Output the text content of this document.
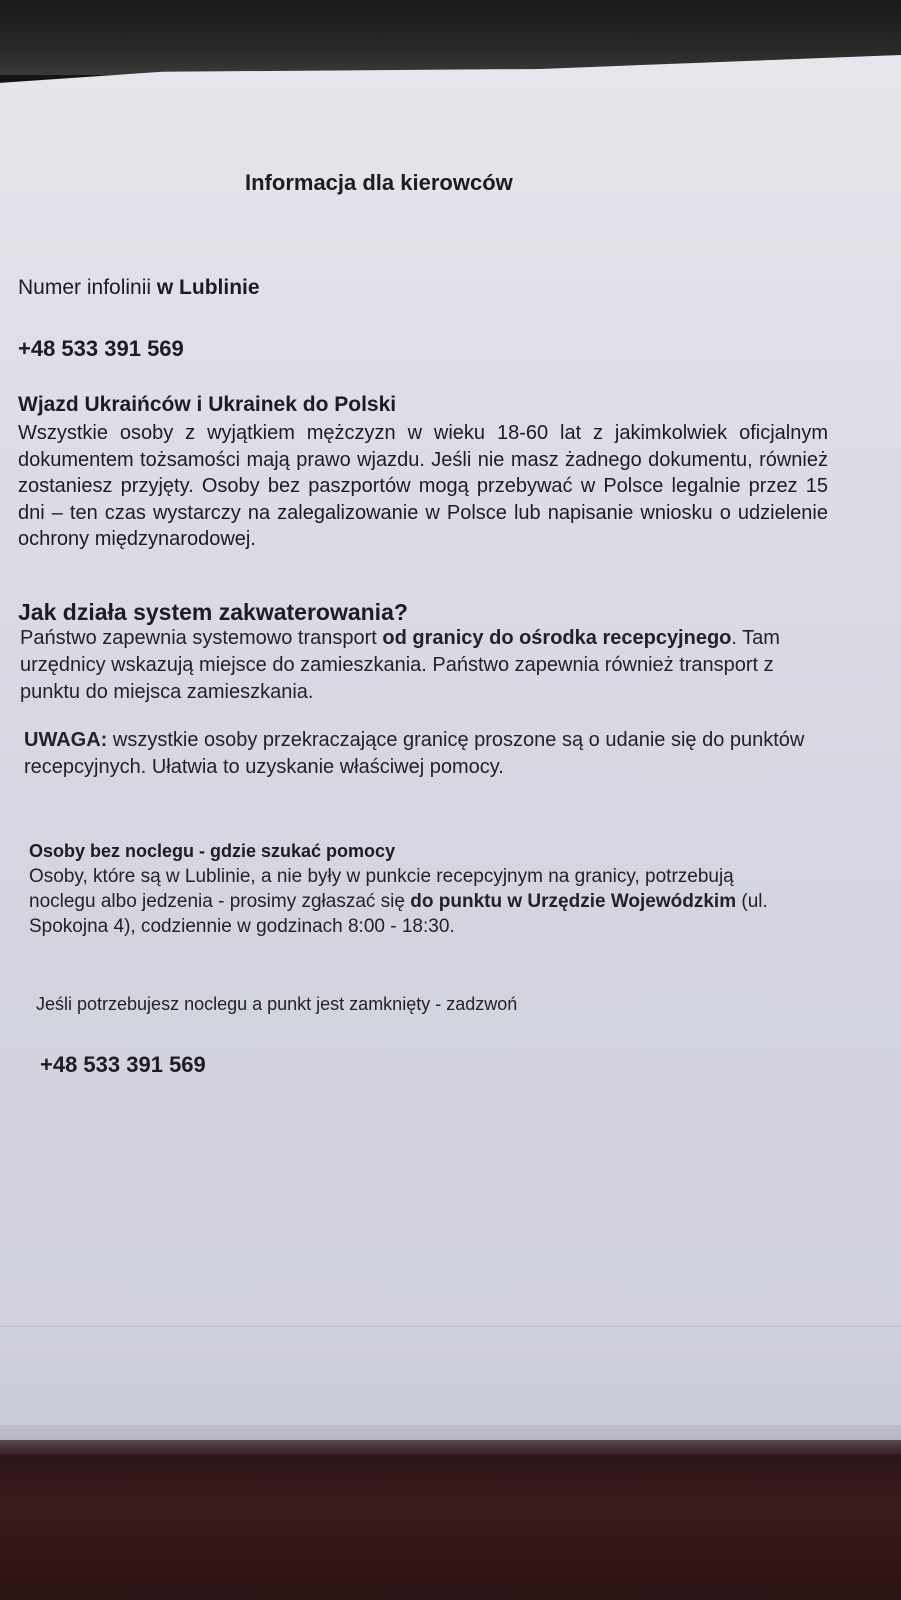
Informacja dla kierowców

Numer infolinii w Lublinie

+48 533 391 569

Wjazd Ukraińców i Ukrainek do Polski

Wszystkie osoby z wyjątkiem mężczyzn w wieku 18-60 lat z jakimkolwiek oficjalnym dokumentem tożsamości mają prawo wjazdu. Jeśli nie masz żadnego dokumentu, również zostaniesz przyjęty. Osoby bez paszportów mogą przebywać w Polsce legalnie przez 15 dni – ten czas wystarczy na zalegalizowanie w Polsce lub napisanie wniosku o udzielenie ochrony międzynarodowej.

Jak działa system zakwaterowania?

Państwo zapewnia systemowo transport od granicy do ośrodka recepcyjnego. Tam urzędnicy wskazują miejsce do zamieszkania. Państwo zapewnia również transport z punktu do miejsca zamieszkania.

UWAGA: wszystkie osoby przekraczające granicę proszone są o udanie się do punktów recepcyjnych. Ułatwia to uzyskanie właściwej pomocy.

Osoby bez noclegu - gdzie szukać pomocy

Osoby, które są w Lublinie, a nie były w punkcie recepcyjnym na granicy, potrzebują noclegu albo jedzenia - prosimy zgłaszać się do punktu w Urzędzie Wojewódzkim (ul. Spokojna 4), codziennie w godzinach 8:00 - 18:30.

Jeśli potrzebujesz noclegu a punkt jest zamknięty - zadzwoń

+48 533 391 569
